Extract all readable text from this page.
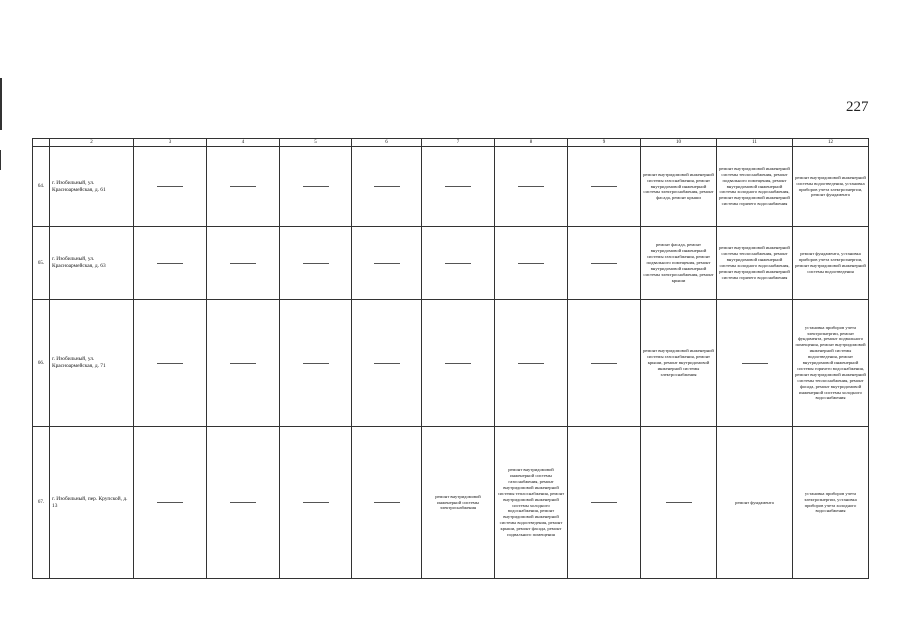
227
	2	3	4	5	6	7	8	9	10	11	12
64.	г. Изобильный, ул. Красноармейская, д. 61								ремонт внутридомовой инженерной системы газоснабжения, ремонт внутридомовой инженерной системы электроснабжения, ремонт фасада, ремонт крыши	ремонт внутридомовой инженерной системы теплоснабжения, ремонт подвального помещения, ремонт внутридомовой инженерной системы холодного водоснабжения, ремонт внутридомовой инженерной системы горячего водоснабжения	ремонт внутридомовой инженерной системы водоотведения, установка приборов учета электроэнергии, ремонт фундамента
65.	г. Изобильный, ул. Красноармейская, д. 63								ремонт фасада, ремонт внутридомовой инженерной системы газоснабжения, ремонт подвального помещения, ремонт внутридомовой инженерной системы электроснабжения, ремонт крыши	ремонт внутридомовой инженерной системы теплоснабжения, ремонт внутридомовой инженерной системы холодного водоснабжения, ремонт внутридомовой инженерной системы горячего водоснабжения	ремонт фундамента, установка приборов учета электроэнергии, ремонт внутридомовой инженерной системы водоотведения
66.	г. Изобильный, ул. Красноармейская, д. 71								ремонт внутридомовой инженерной системы газоснабжения, ремонт крыши, ремонт внутридомовой инженерной системы электроснабжения		установка приборов учета электроэнергии, ремонт фундамента, ремонт подвального помещения, ремонт внутридомовой инженерной системы водоотведения, ремонт внутридомовой инженерной системы горячего водоснабжения, ремонт внутридомовой инженерной системы теплоснабжения, ремонт фасада, ремонт внутридомовой инженерной системы холодного водоснабжения
67.	г. Изобильный, пер. Крупской, д. 13					ремонт внутридомовой инженерной системы электроснабжения	ремонт внутридомовой инженерной системы газоснабжения, ремонт внутридомовой инженерной системы теплоснабжения, ремонт внутридомовой инженерной системы холодного водоснабжения, ремонт внутридомовой инженерной системы водоотведения, ремонт крыши, ремонт фасада, ремонт подвального помещения			ремонт фундамента	установка приборов учета электроэнергии, установка приборов учета холодного водоснабжения
